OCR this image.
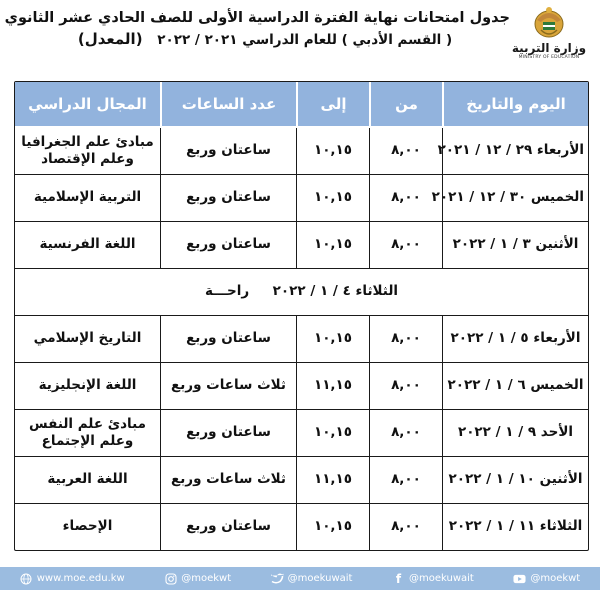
وزارة التربية
MINISTRY OF EDUCATION
جدول امتحانات نهاية الفترة الدراسية الأولى للصف الحادي عشر الثانوي
( القسم الأدبي ) للعام الدراسي ٢٠٢١ / ٢٠٢٢ (المعدل)
اليوم والتاريخ	من	إلى	عدد الساعات	المجال الدراسي
الأربعاء ٢٩ / ١٢ / ٢٠٢١	٨,٠٠	١٠,١٥	ساعتان وربع	مبادئ علم الجغرافيا وعلم الإقتصاد
الخميس ٣٠ / ١٢ / ٢٠٢١	٨,٠٠	١٠,١٥	ساعتان وربع	التربية الإسلامية
الأثنين ٣ / ١ / ٢٠٢٢	٨,٠٠	١٠,١٥	ساعتان وربع	اللغة الفرنسية
الثلاثاء ٤ / ١ / ٢٠٢٢     راحـــة				
الأربعاء ٥ / ١ / ٢٠٢٢	٨,٠٠	١٠,١٥	ساعتان وربع	التاريخ الإسلامي
الخميس ٦ / ١ / ٢٠٢٢	٨,٠٠	١١,١٥	ثلاث ساعات وربع	اللغة الإنجليزية
الأحد ٩ / ١ / ٢٠٢٢	٨,٠٠	١٠,١٥	ساعتان وربع	مبادئ علم النفس وعلم الإجتماع
الأثنين ١٠ / ١ / ٢٠٢٢	٨,٠٠	١١,١٥	ثلاث ساعات وربع	اللغة العربية
الثلاثاء ١١ / ١ / ٢٠٢٢	٨,٠٠	١٠,١٥	ساعتان وربع	الإحصاء
www.moe.edu.kw	@moekwt	@moekuwait	f @moekuwait	@moekwt
